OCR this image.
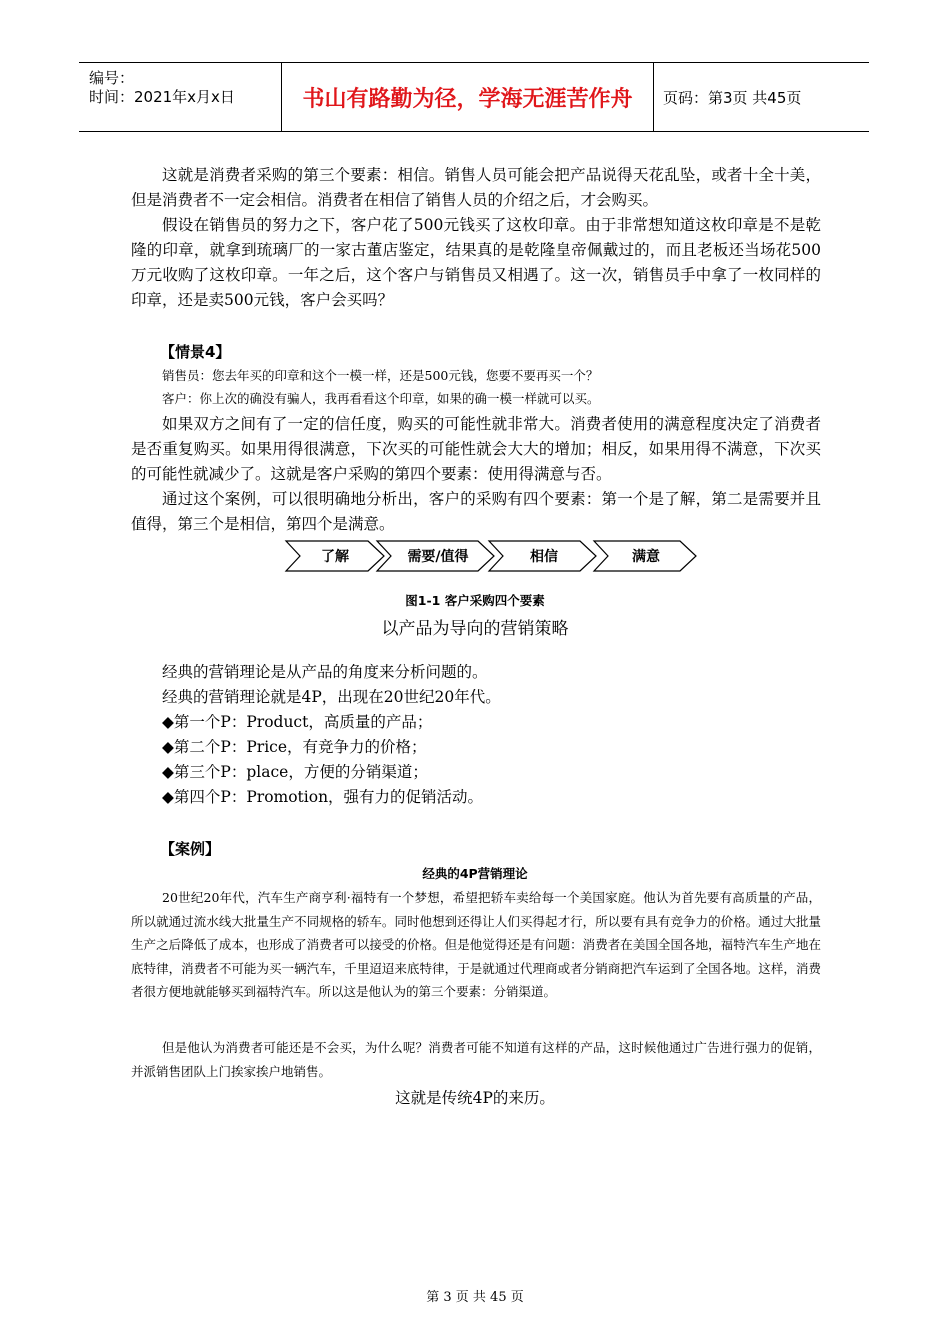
编号：
时间：2021年x月x日	书山有路勤为径，学海无涯苦作舟	页码：第3页 共45页
这就是消费者采购的第三个要素：相信。销售人员可能会把产品说得天花乱坠，或者十全十美，但是消费者不一定会相信。消费者在相信了销售人员的介绍之后，才会购买。
假设在销售员的努力之下，客户花了500元钱买了这枚印章。由于非常想知道这枚印章是不是乾隆的印章，就拿到琉璃厂的一家古董店鉴定，结果真的是乾隆皇帝佩戴过的，而且老板还当场花500万元收购了这枚印章。一年之后，这个客户与销售员又相遇了。这一次，销售员手中拿了一枚同样的印章，还是卖500元钱，客户会买吗？
【情景4】
销售员：您去年买的印章和这个一模一样，还是500元钱，您要不要再买一个？
客户：你上次的确没有骗人，我再看看这个印章，如果的确一模一样就可以买。
如果双方之间有了一定的信任度，购买的可能性就非常大。消费者使用的满意程度决定了消费者是否重复购买。如果用得很满意，下次买的可能性就会大大的增加；相反，如果用得不满意，下次买的可能性就减少了。这就是客户采购的第四个要素：使用得满意与否。
通过这个案例，可以很明确地分析出，客户的采购有四个要素：第一个是了解，第二是需要并且值得，第三个是相信，第四个是满意。
了解	需要/值得	相信	满意
图1-1 客户采购四个要素
以产品为导向的营销策略
经典的营销理论是从产品的角度来分析问题的。
经典的营销理论就是4P，出现在20世纪20年代。
◆第一个P：Product，高质量的产品；
◆第二个P：Price，有竞争力的价格；
◆第三个P：place，方便的分销渠道；
◆第四个P：Promotion，强有力的促销活动。
【案例】
经典的4P营销理论
20世纪20年代，汽车生产商亨利·福特有一个梦想，希望把轿车卖给每一个美国家庭。他认为首先要有高质量的产品，所以就通过流水线大批量生产不同规格的轿车。同时他想到还得让人们买得起才行，所以要有具有竞争力的价格。通过大批量生产之后降低了成本，也形成了消费者可以接受的价格。但是他觉得还是有问题：消费者在美国全国各地，福特汽车生产地在底特律，消费者不可能为买一辆汽车，千里迢迢来底特律，于是就通过代理商或者分销商把汽车运到了全国各地。这样，消费者很方便地就能够买到福特汽车。所以这是他认为的第三个要素：分销渠道。
但是他认为消费者可能还是不会买，为什么呢？消费者可能不知道有这样的产品，这时候他通过广告进行强力的促销，并派销售团队上门挨家挨户地销售。
这就是传统4P的来历。
第 3 页 共 45 页
